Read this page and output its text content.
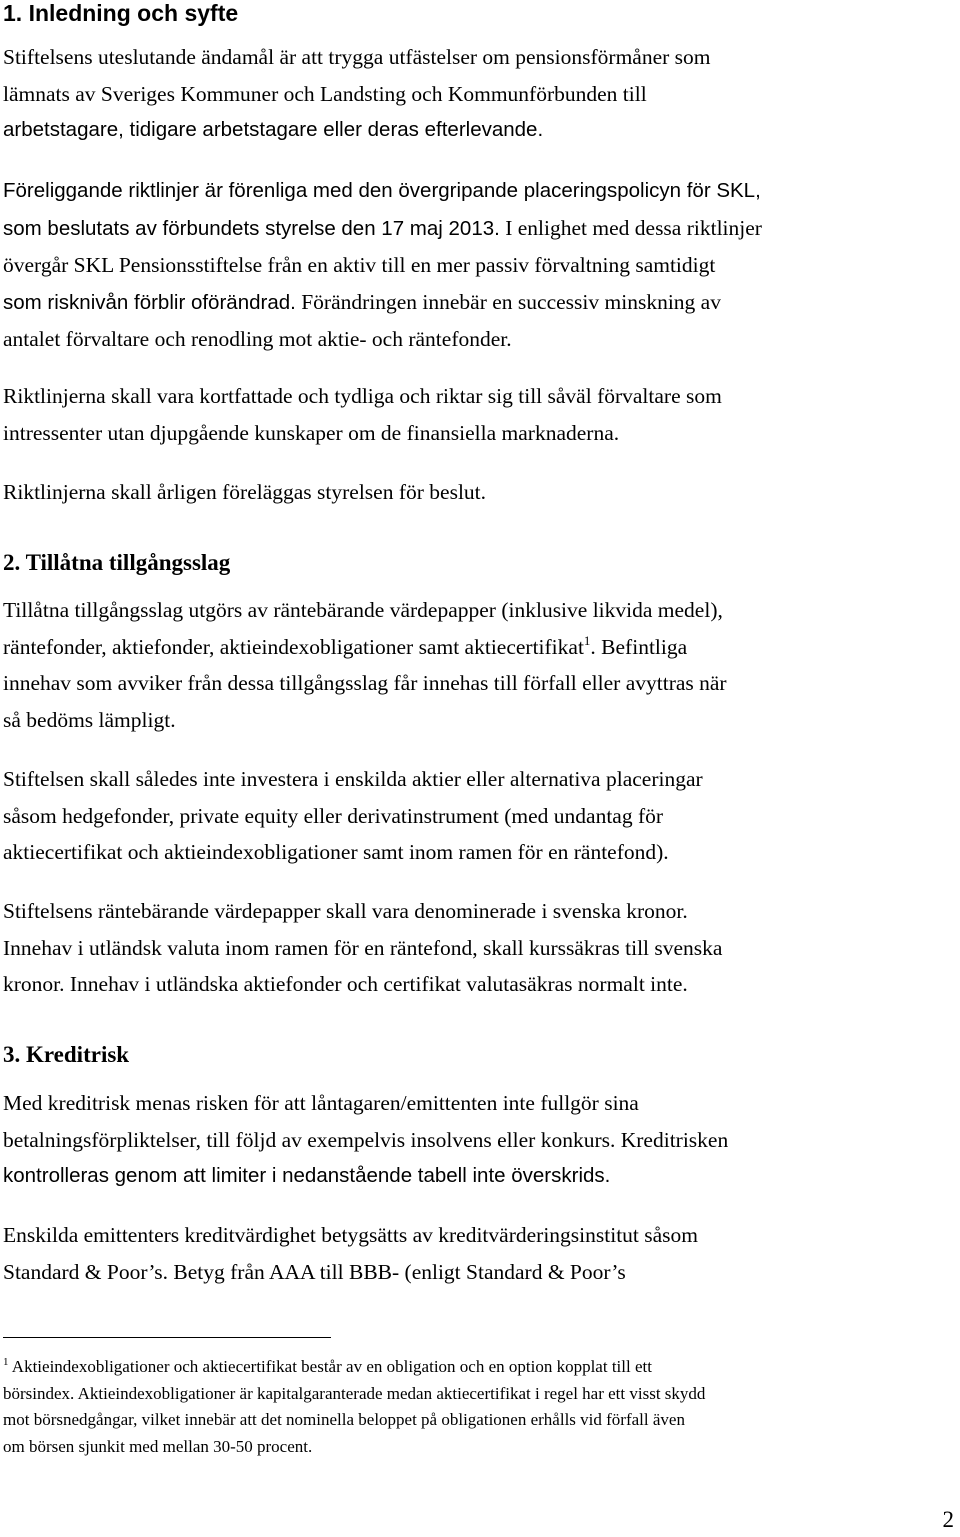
1. Inledning och syfte

Stiftelsens uteslutande ändamål är att trygga utfästelser om pensionsförmåner som
lämnats av Sveriges Kommuner och Landsting och Kommunförbunden till
arbetstagare, tidigare arbetstagare eller deras efterlevande.

Föreliggande riktlinjer är förenliga med den övergripande placeringspolicyn för SKL,
som beslutats av förbundets styrelse den 17 maj 2013. I enlighet med dessa riktlinjer
övergår SKL Pensionsstiftelse från en aktiv till en mer passiv förvaltning samtidigt
som risknivån förblir oförändrad. Förändringen innebär en successiv minskning av
antalet förvaltare och renodling mot aktie- och räntefonder.

Riktlinjerna skall vara kortfattade och tydliga och riktar sig till såväl förvaltare som
intressenter utan djupgående kunskaper om de finansiella marknaderna.

Riktlinjerna skall årligen föreläggas styrelsen för beslut.

2. Tillåtna tillgångsslag

Tillåtna tillgångsslag utgörs av räntebärande värdepapper (inklusive likvida medel),
räntefonder, aktiefonder, aktieindexobligationer samt aktiecertifikat$^1$. Befintliga
innehav som avviker från dessa tillgångsslag får innehas till förfall eller avyttras när
så bedöms lämpligt.

Stiftelsen skall således inte investera i enskilda aktier eller alternativa placeringar
såsom hedgefonder, private equity eller derivatinstrument (med undantag för
aktiecertifikat och aktieindexobligationer samt inom ramen för en räntefond).

Stiftelsens räntebärande värdepapper skall vara denominerade i svenska kronor.
Innehav i utländsk valuta inom ramen för en räntefond, skall kurssäkras till svenska
kronor. Innehav i utländska aktiefonder och certifikat valutasäkras normalt inte.

3. Kreditrisk

Med kreditrisk menas risken för att låntagaren/emittenten inte fullgör sina
betalningsförpliktelser, till följd av exempelvis insolvens eller konkurs. Kreditrisken
kontrolleras genom att limiter i nedanstående tabell inte överskrids.

Enskilda emittenters kreditvärdighet betygsätts av kreditvärderingsinstitut såsom
Standard & Poor’s. Betyg från AAA till BBB- (enligt Standard & Poor’s

$^1$ Aktieindexobligationer och aktiecertifikat består av en obligation och en option kopplat till ett
börsindex. Aktieindexobligationer är kapitalgaranterade medan aktiecertifikat i regel har ett visst skydd
mot börsnedgångar, vilket innebär att det nominella beloppet på obligationen erhålls vid förfall även
om börsen sjunkit med mellan 30-50 procent.
2
